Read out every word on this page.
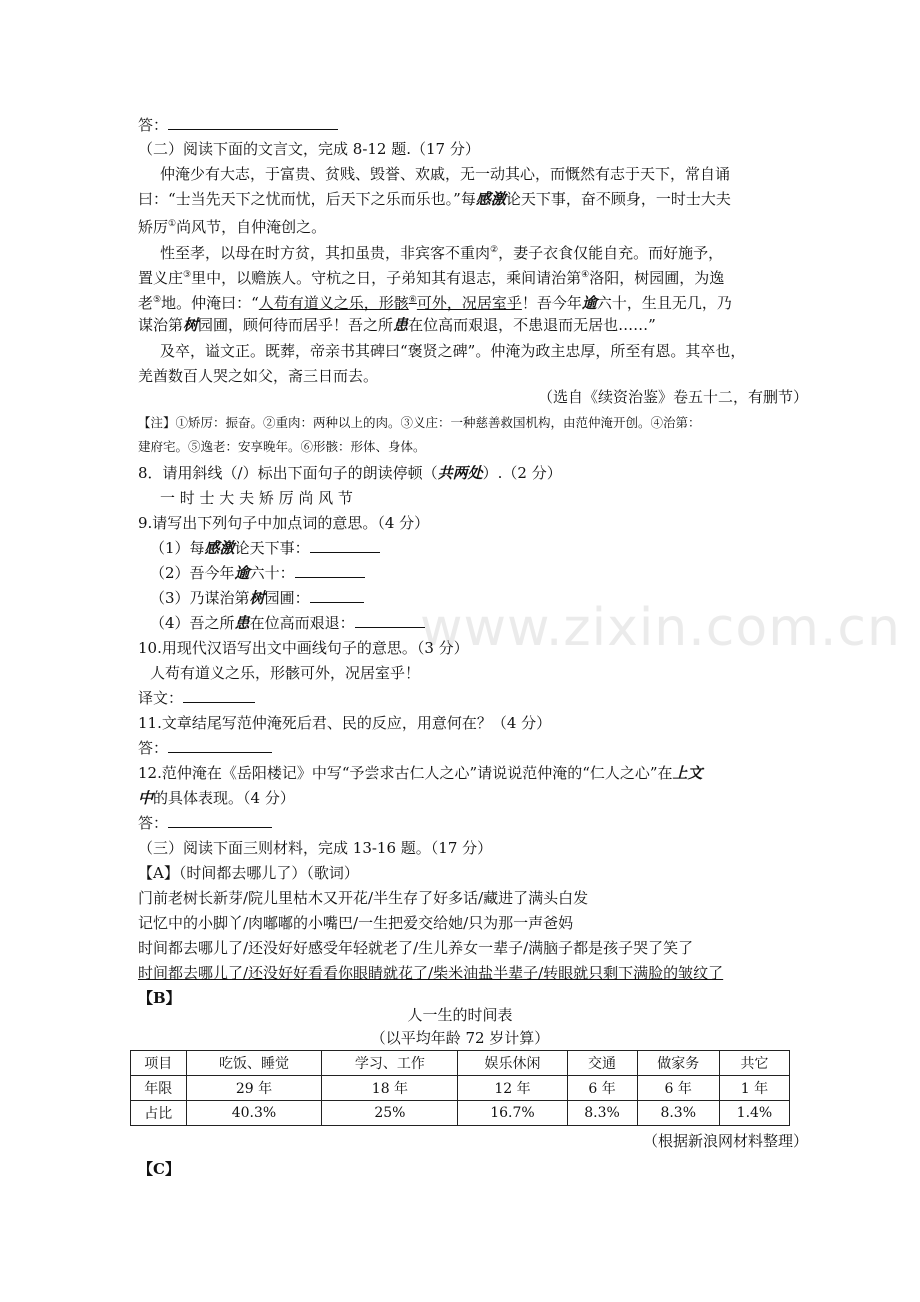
www.zixin.com.cn
答：
（二）阅读下面的文言文，完成 8-12 题.（17 分）
仲淹少有大志，于富贵、贫贱、毁誉、欢戚，无一动其心，而慨然有志于天下，常自诵
曰：“士当先天下之忧而忧，后天下之乐而乐也。”每感激论天下事，奋不顾身，一时士大夫
矫厉①尚风节，自仲淹创之。
性至孝，以母在时方贫，其扣虽贵，非宾客不重肉②，妻子衣食仅能自充。而好施予，
置义庄③里中，以赡族人。守杭之日，子弟知其有退志，乘间请治第④洛阳，树园圃，为逸
老⑤地。仲淹曰：“人苟有道义之乐，形骸⑥可外，况居室乎！吾今年逾六十，生且无几，乃
谋治第树园圃，顾何待而居乎！吾之所患在位高而艰退，不患退而无居也……”
及卒，谥文正。既葬，帝亲书其碑曰“褒贤之碑”。仲淹为政主忠厚，所至有恩。其卒也，
羌酋数百人哭之如父，斋三日而去。
（选自《续资治鉴》卷五十二，有删节）
【注】①矫厉：振奋。②重肉：两种以上的肉。③义庄：一种慈善救国机构，由范仲淹开创。④治第：
建府宅。⑤逸老：安享晚年。⑥形骸：形体、身体。
8．请用斜线（/）标出下面句子的朗读停顿（共两处）.（2 分）
一 时 士 大 夫 矫 厉 尚 风 节
9.请写出下列句子中加点词的意思。（4 分）
（1）每感激论天下事：
（2）吾今年逾六十：
（3）乃谋治第树园圃：
（4）吾之所患在位高而艰退：
10.用现代汉语写出文中画线句子的意思。（3 分）
人苟有道义之乐，形骸可外，况居室乎！
译文：
11.文章结尾写范仲淹死后君、民的反应，用意何在？（4 分）
答：
12.范仲淹在《岳阳楼记》中写“予尝求古仁人之心”请说说范仲淹的“仁人之心”在上文
中的具体表现。（4 分）
答：
（三）阅读下面三则材料，完成 13-16 题。（17 分）
【A】（时间都去哪儿了）（歌词）
门前老树长新芽/院儿里枯木又开花/半生存了好多话/藏进了满头白发
记忆中的小脚丫/肉嘟嘟的小嘴巴/一生把爱交给她/只为那一声爸妈
时间都去哪儿了/还没好好感受年轻就老了/生儿养女一辈子/满脑子都是孩子哭了笑了
时间都去哪儿了/还没好好看看你眼睛就花了/柴米油盐半辈子/转眼就只剩下满脸的皱纹了
【B】
人一生的时间表
（以平均年龄 72 岁计算）
项目	吃饭、睡觉	学习、工作	娱乐休闲	交通	做家务	共它
年限	29 年	18 年	12 年	6 年	6 年	1 年
占比	40.3%	25%	16.7%	8.3%	8.3%	1.4%
（根据新浪网材料整理）
【C】
